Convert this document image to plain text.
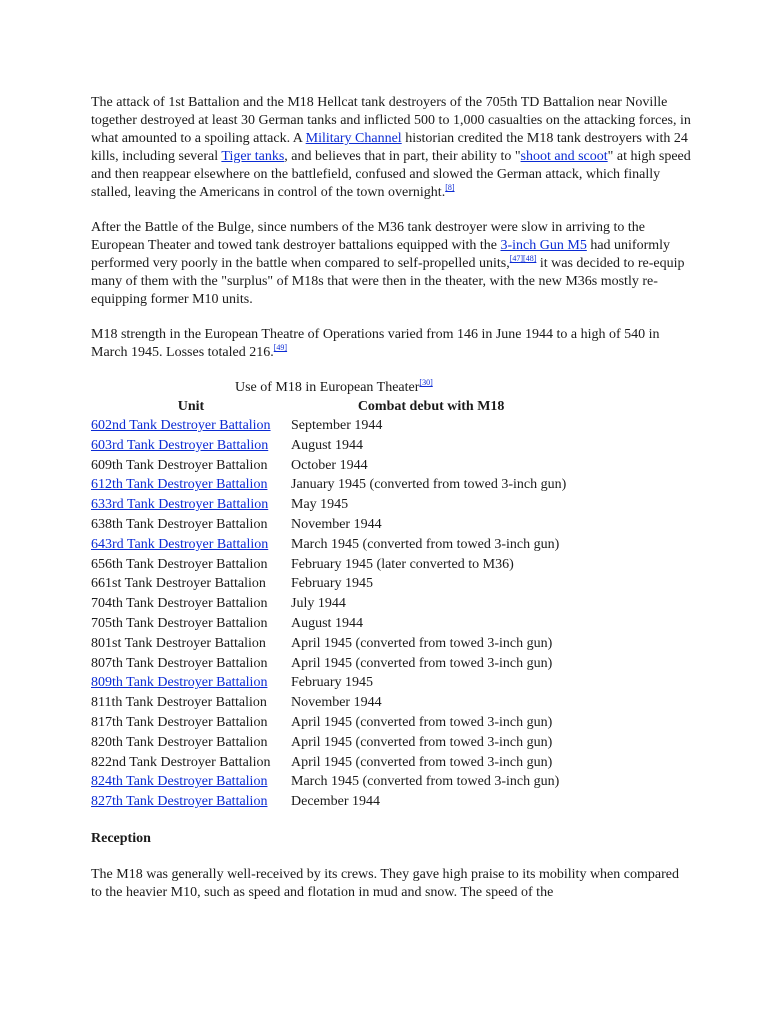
The attack of 1st Battalion and the M18 Hellcat tank destroyers of the 705th TD Battalion near Noville together destroyed at least 30 German tanks and inflicted 500 to 1,000 casualties on the attacking forces, in what amounted to a spoiling attack. A Military Channel historian credited the M18 tank destroyers with 24 kills, including several Tiger tanks, and believes that in part, their ability to "shoot and scoot" at high speed and then reappear elsewhere on the battlefield, confused and slowed the German attack, which finally stalled, leaving the Americans in control of the town overnight.[8]

After the Battle of the Bulge, since numbers of the M36 tank destroyer were slow in arriving to the European Theater and towed tank destroyer battalions equipped with the 3-inch Gun M5 had uniformly performed very poorly in the battle when compared to self-propelled units,[47][48] it was decided to re-equip many of them with the "surplus" of M18s that were then in the theater, with the new M36s mostly re-equipping former M10 units.

M18 strength in the European Theatre of Operations varied from 146 in June 1944 to a high of 540 in March 1945. Losses totaled 216.[49]

Use of M18 in European Theater[30]
Unit	Combat debut with M18
602nd Tank Destroyer Battalion	September 1944
603rd Tank Destroyer Battalion	August 1944
609th Tank Destroyer Battalion	October 1944
612th Tank Destroyer Battalion	January 1945 (converted from towed 3-inch gun)
633rd Tank Destroyer Battalion	May 1945
638th Tank Destroyer Battalion	November 1944
643rd Tank Destroyer Battalion	March 1945 (converted from towed 3-inch gun)
656th Tank Destroyer Battalion	February 1945 (later converted to M36)
661st Tank Destroyer Battalion	February 1945
704th Tank Destroyer Battalion	July 1944
705th Tank Destroyer Battalion	August 1944
801st Tank Destroyer Battalion	April 1945 (converted from towed 3-inch gun)
807th Tank Destroyer Battalion	April 1945 (converted from towed 3-inch gun)
809th Tank Destroyer Battalion	February 1945
811th Tank Destroyer Battalion	November 1944
817th Tank Destroyer Battalion	April 1945 (converted from towed 3-inch gun)
820th Tank Destroyer Battalion	April 1945 (converted from towed 3-inch gun)
822nd Tank Destroyer Battalion	April 1945 (converted from towed 3-inch gun)
824th Tank Destroyer Battalion	March 1945 (converted from towed 3-inch gun)
827th Tank Destroyer Battalion	December 1944
Reception

The M18 was generally well-received by its crews. They gave high praise to its mobility when compared to the heavier M10, such as speed and flotation in mud and snow. The speed of the
